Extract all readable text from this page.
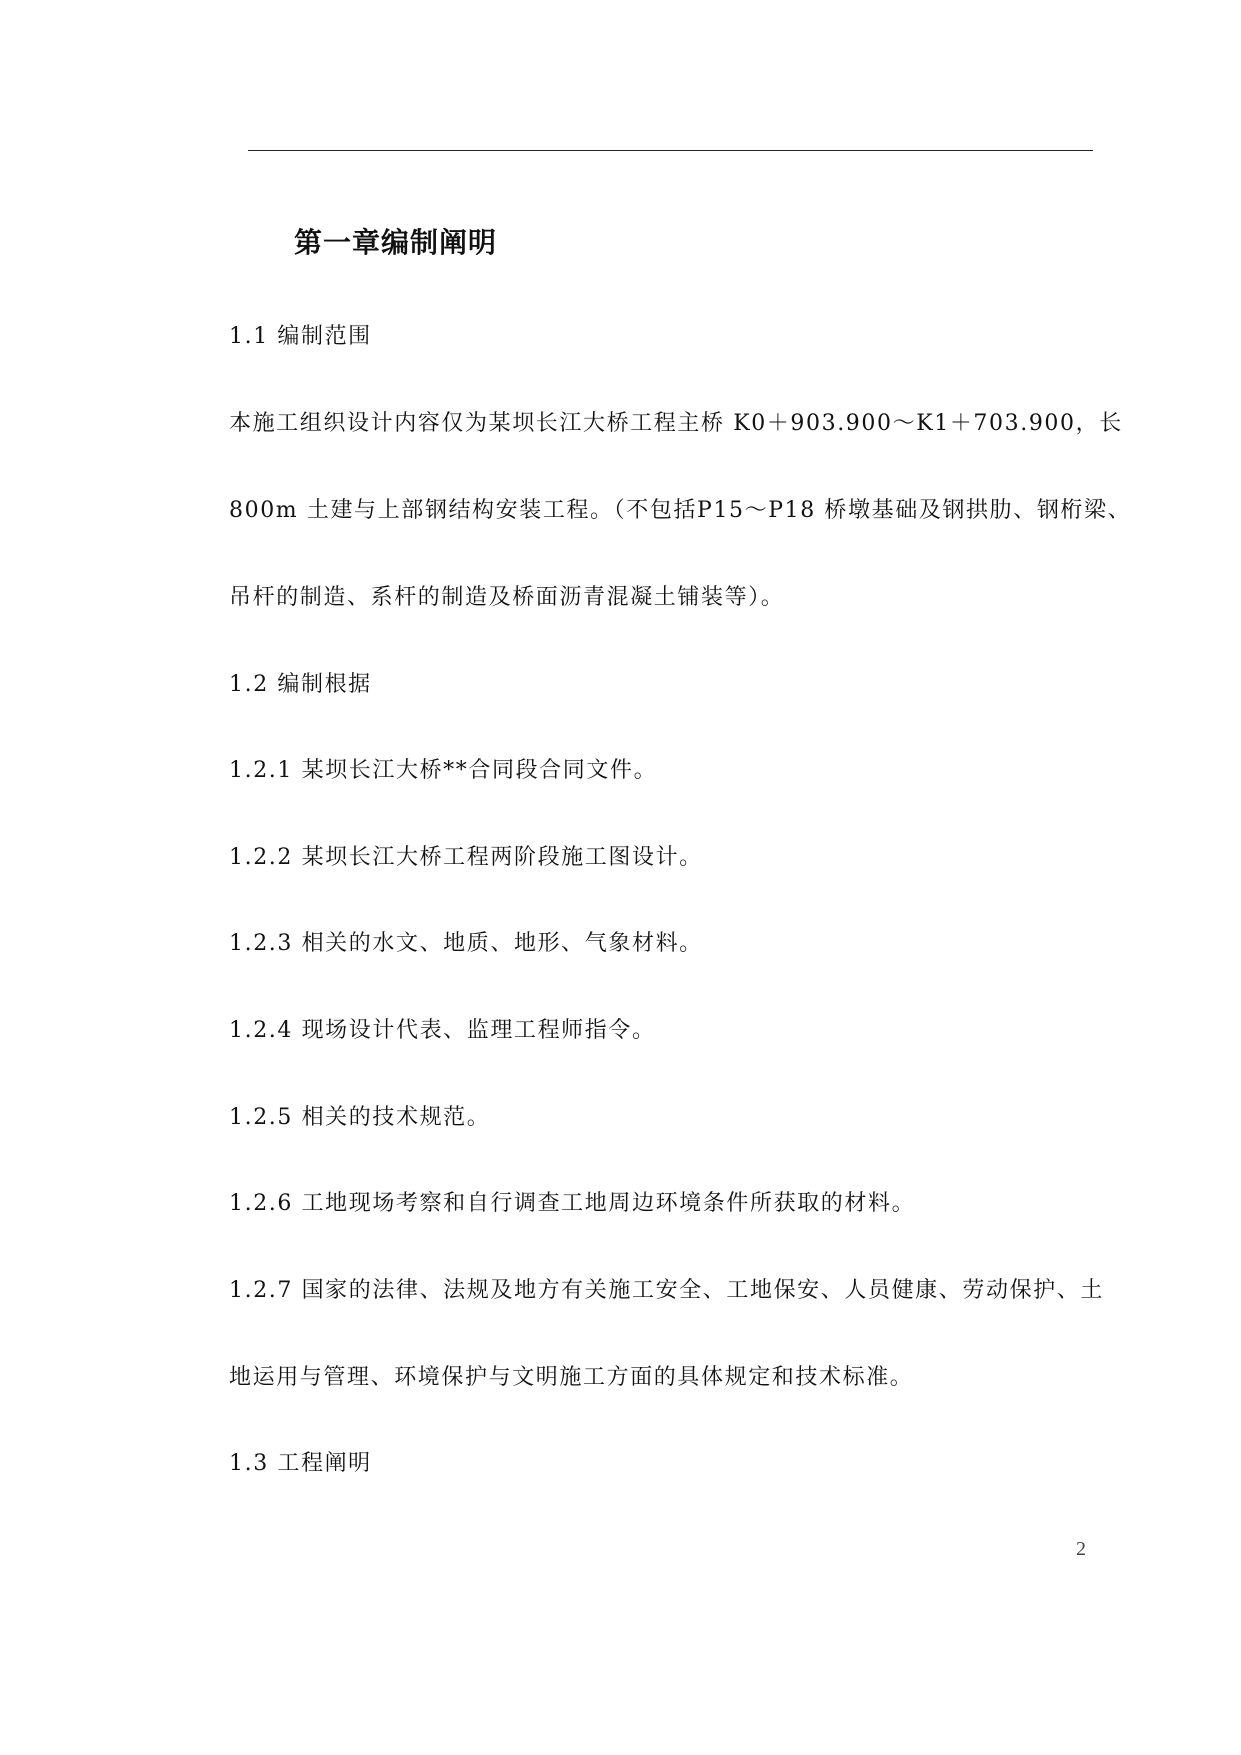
第一章编制阐明
1.1 编制范围
本施工组织设计内容仅为某坝长江大桥工程主桥 K0＋903.900～K1＋703.900，长
800m 土建与上部钢结构安装工程。（不包括P15～P18 桥墩基础及钢拱肋、钢桁梁、
吊杆的制造、系杆的制造及桥面沥青混凝土铺装等）。
1.2 编制根据
1.2.1 某坝长江大桥**合同段合同文件。
1.2.2 某坝长江大桥工程两阶段施工图设计。
1.2.3 相关的水文、地质、地形、气象材料。
1.2.4 现场设计代表、监理工程师指令。
1.2.5 相关的技术规范。
1.2.6 工地现场考察和自行调查工地周边环境条件所获取的材料。
1.2.7 国家的法律、法规及地方有关施工安全、工地保安、人员健康、劳动保护、土
地运用与管理、环境保护与文明施工方面的具体规定和技术标准。
1.3 工程阐明
2
